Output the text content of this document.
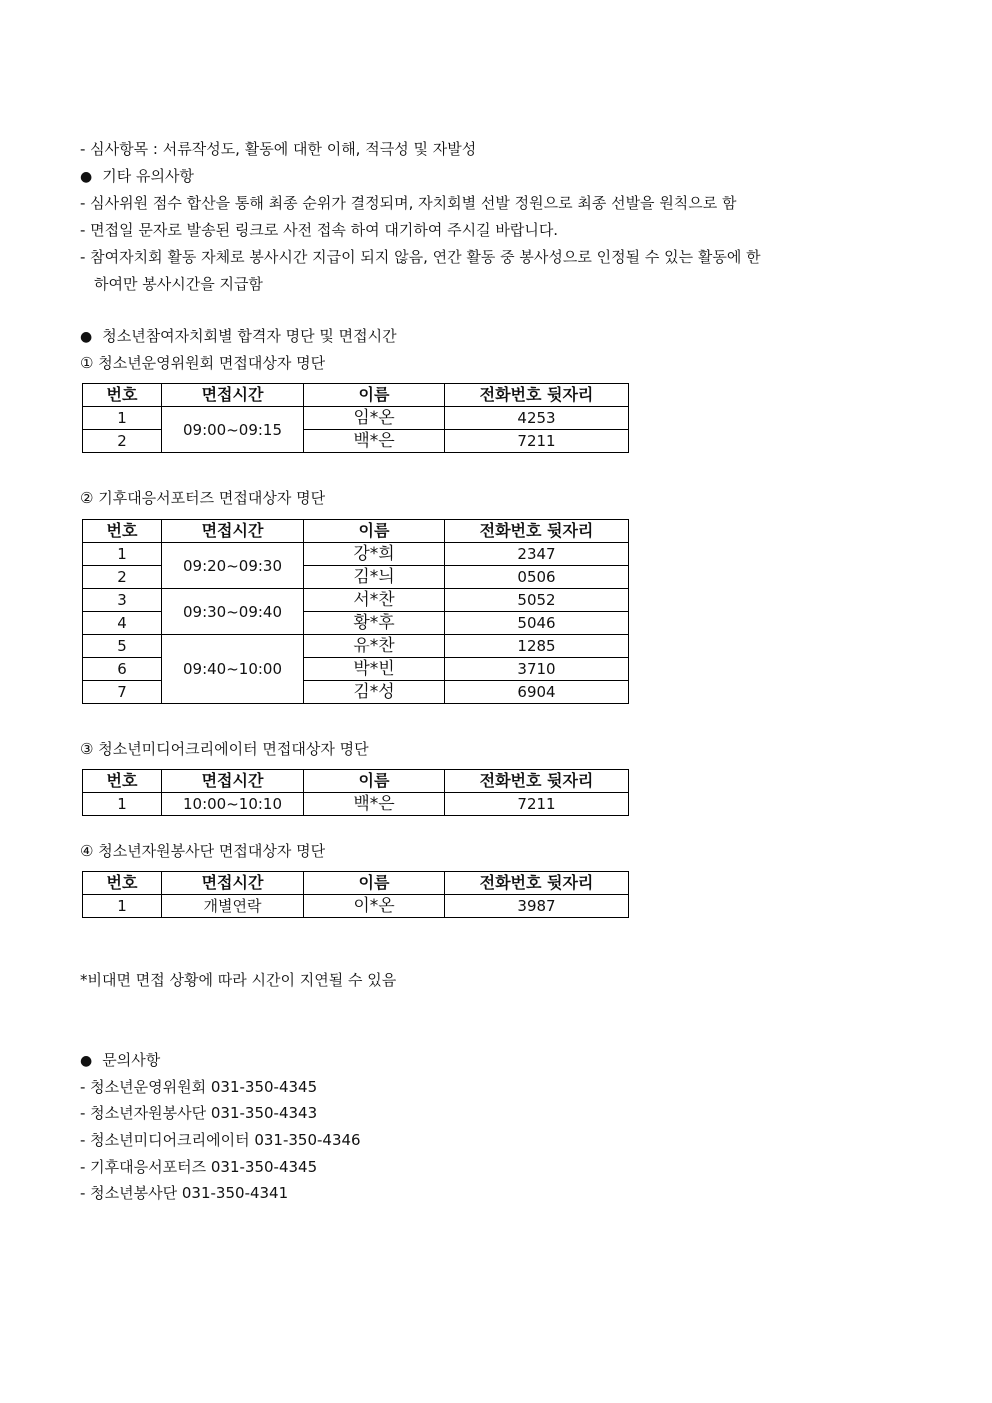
- 심사항목 : 서류작성도, 활동에 대한 이해, 적극성 및 자발성
● 기타 유의사항
- 심사위원 점수 합산을 통해 최종 순위가 결정되며, 자치회별 선발 정원으로 최종 선발을 원칙으로 함
- 면접일 문자로 발송된 링크로 사전 접속 하여 대기하여 주시길 바랍니다.
- 참여자치회 활동 자체로 봉사시간 지급이 되지 않음, 연간 활동 중 봉사성으로 인정될 수 있는 활동에 한
하여만 봉사시간을 지급함
● 청소년참여자치회별 합격자 명단 및 면접시간
① 청소년운영위원회 면접대상자 명단
번호	면접시간	이름	전화번호 뒷자리
1	09:00~09:15	임*온	4253
2		백*은	7211
② 기후대응서포터즈 면접대상자 명단
번호	면접시간	이름	전화번호 뒷자리
1	09:20~09:30	강*희	2347
2		김*늬	0506
3	09:30~09:40	서*찬	5052
4		황*후	5046
5	09:40~10:00	유*찬	1285
6		박*빈	3710
7		김*성	6904
③ 청소년미디어크리에이터 면접대상자 명단
번호	면접시간	이름	전화번호 뒷자리
1	10:00~10:10	백*은	7211
④ 청소년자원봉사단 면접대상자 명단
번호	면접시간	이름	전화번호 뒷자리
1	개별연락	이*온	3987
*비대면 면접 상황에 따라 시간이 지연될 수 있음
● 문의사항
- 청소년운영위원회 031-350-4345
- 청소년자원봉사단 031-350-4343
- 청소년미디어크리에이터 031-350-4346
- 기후대응서포터즈 031-350-4345
- 청소년봉사단 031-350-4341
